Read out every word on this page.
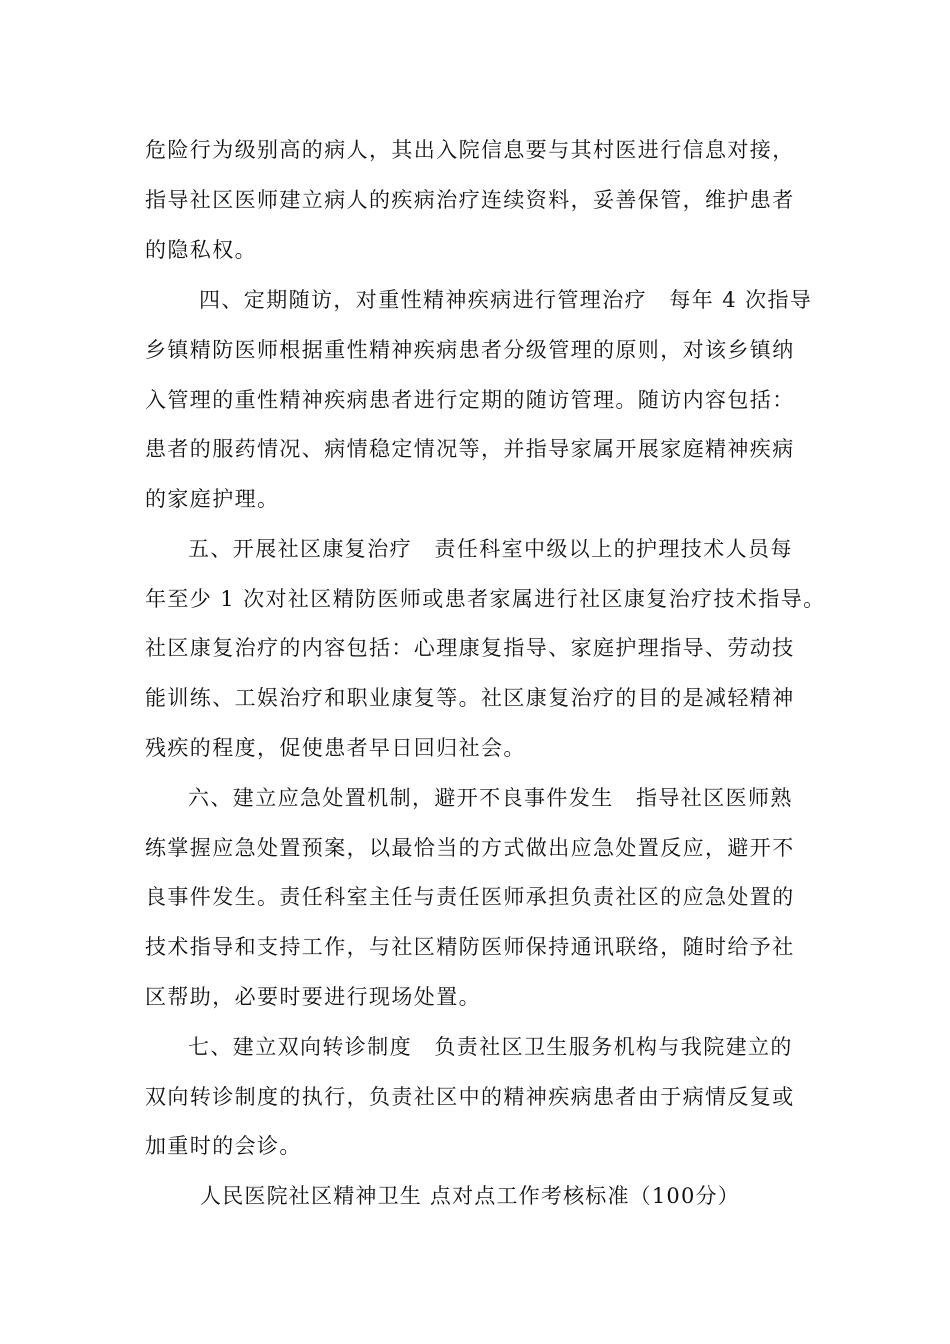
危险行为级别高的病人，其出入院信息要与其村医进行信息对接，
指导社区医师建立病人的疾病治疗连续资料，妥善保管，维护患者
的隐私权。
四、定期随访，对重性精神疾病进行管理治疗　每年 4 次指导
乡镇精防医师根据重性精神疾病患者分级管理的原则，对该乡镇纳
入管理的重性精神疾病患者进行定期的随访管理。随访内容包括：
患者的服药情况、病情稳定情况等，并指导家属开展家庭精神疾病
的家庭护理。
五、开展社区康复治疗　责任科室中级以上的护理技术人员每
年至少 1 次对社区精防医师或患者家属进行社区康复治疗技术指导。
社区康复治疗的内容包括：心理康复指导、家庭护理指导、劳动技
能训练、工娱治疗和职业康复等。社区康复治疗的目的是减轻精神
残疾的程度，促使患者早日回归社会。
六、建立应急处置机制，避开不良事件发生　指导社区医师熟
练掌握应急处置预案，以最恰当的方式做出应急处置反应，避开不
良事件发生。责任科室主任与责任医师承担负责社区的应急处置的
技术指导和支持工作，与社区精防医师保持通讯联络，随时给予社
区帮助，必要时要进行现场处置。
七、建立双向转诊制度　负责社区卫生服务机构与我院建立的
双向转诊制度的执行，负责社区中的精神疾病患者由于病情反复或
加重时的会诊。
人民医院社区精神卫生 点对点工作考核标准（100分）
